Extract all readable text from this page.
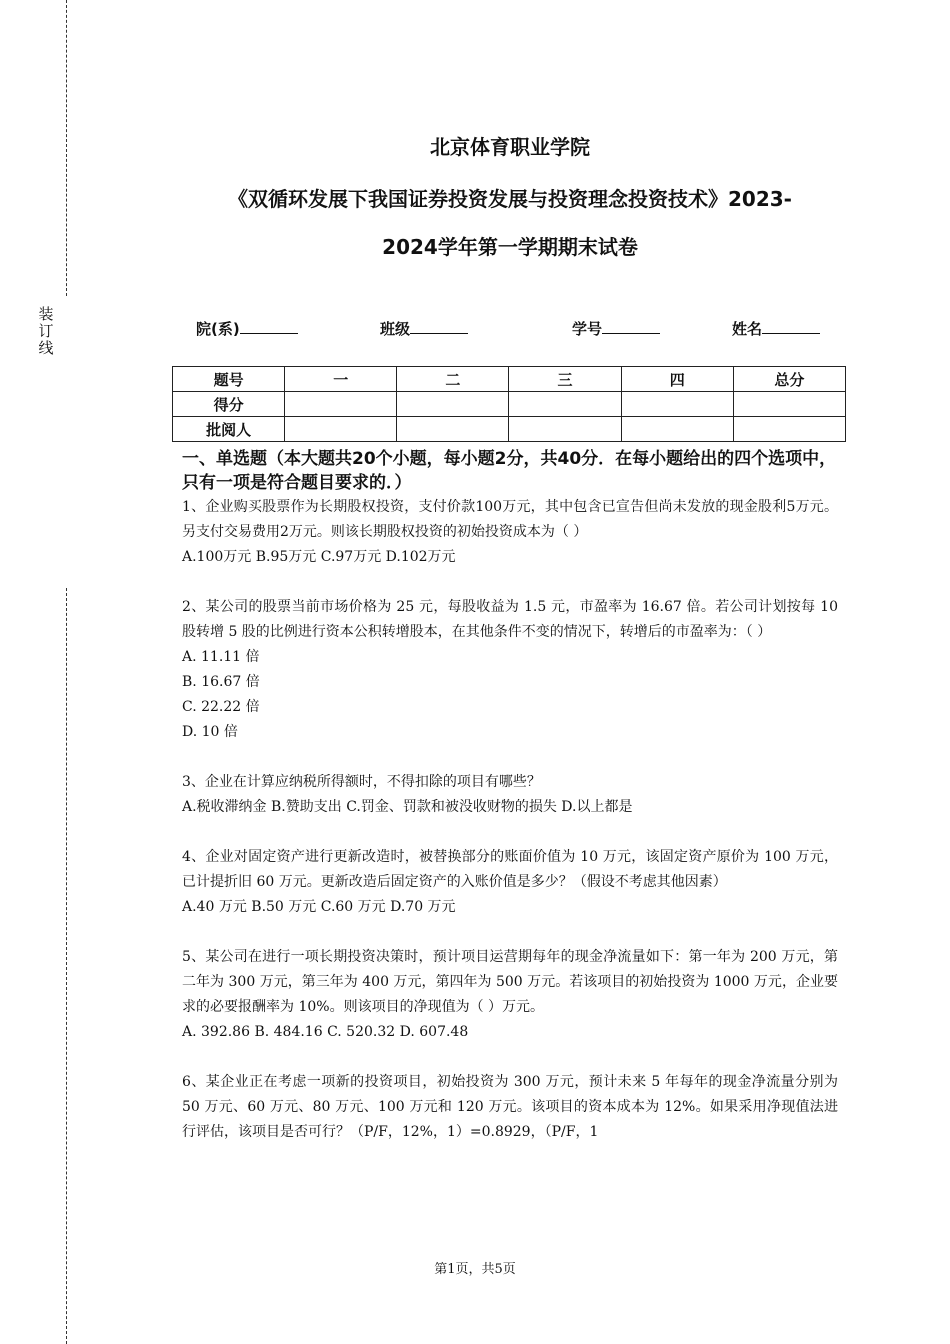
装订线
北京体育职业学院
《双循环发展下我国证券投资发展与投资理念投资技术》2023-
2024学年第一学期期末试卷
院(系)	班级	学号	姓名
题号	一	二	三	四	总分
得分					
批阅人					
一、单选题（本大题共20个小题，每小题2分，共40分．在每小题给出的四个选项中，只有一项是符合题目要求的．）

1、企业购买股票作为长期股权投资，支付价款100万元，其中包含已宣告但尚未发放的现金股利5万元。另支付交易费用2万元。则该长期股权投资的初始投资成本为（ ）

A.100万元 B.95万元 C.97万元 D.102万元

2、某公司的股票当前市场价格为 25 元，每股收益为 1.5 元，市盈率为 16.67 倍。若公司计划按每 10 股转增 5 股的比例进行资本公积转增股本，在其他条件不变的情况下，转增后的市盈率为：（ ）

A. 11.11 倍

B. 16.67 倍

C. 22.22 倍

D. 10 倍

3、企业在计算应纳税所得额时，不得扣除的项目有哪些？

A.税收滞纳金 B.赞助支出 C.罚金、罚款和被没收财物的损失 D.以上都是

4、企业对固定资产进行更新改造时，被替换部分的账面价值为 10 万元，该固定资产原价为 100 万元，已计提折旧 60 万元。更新改造后固定资产的入账价值是多少？（假设不考虑其他因素）

A.40 万元 B.50 万元 C.60 万元 D.70 万元

5、某公司在进行一项长期投资决策时，预计项目运营期每年的现金净流量如下：第一年为 200 万元，第二年为 300 万元，第三年为 400 万元，第四年为 500 万元。若该项目的初始投资为 1000 万元，企业要求的必要报酬率为 10%。则该项目的净现值为（ ）万元。

A. 392.86 B. 484.16 C. 520.32 D. 607.48

6、某企业正在考虑一项新的投资项目，初始投资为 300 万元，预计未来 5 年每年的现金净流量分别为 50 万元、60 万元、80 万元、100 万元和 120 万元。该项目的资本成本为 12%。如果采用净现值法进行评估，该项目是否可行？（P/F，12%，1）=0.8929，（P/F，1

第1页，共5页
